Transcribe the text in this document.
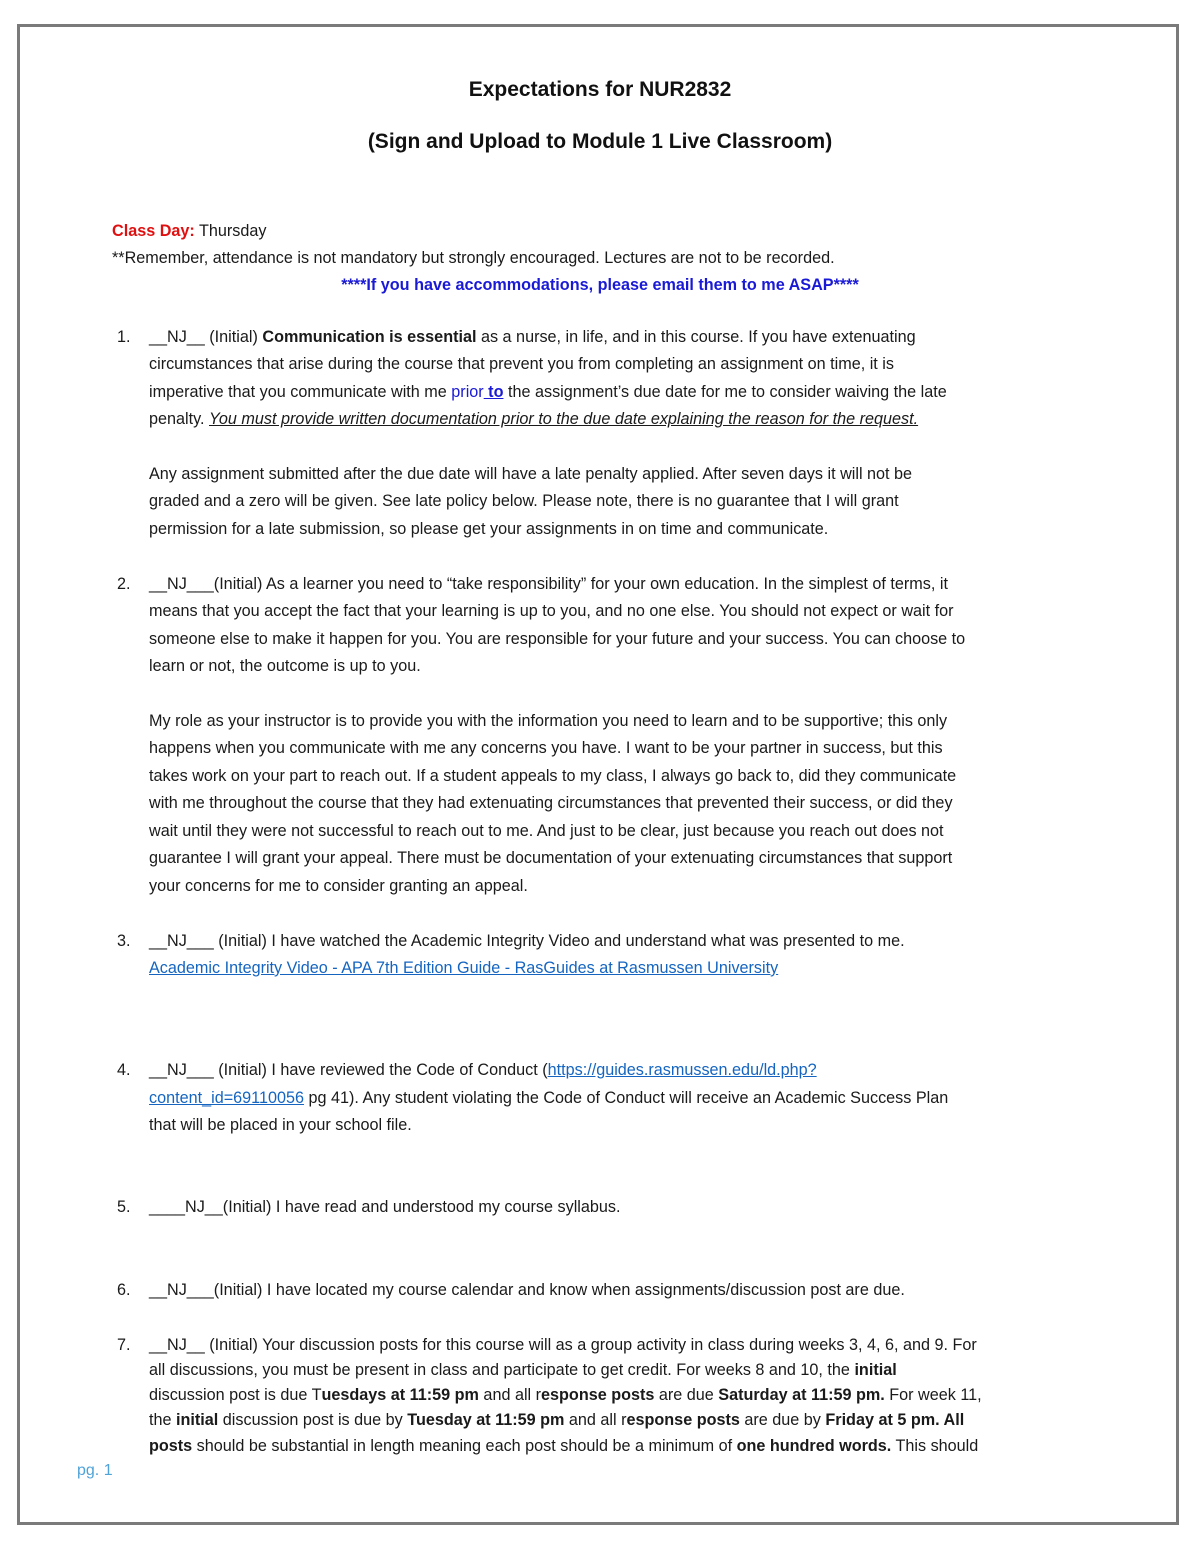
Expectations for NUR2832
(Sign and Upload to Module 1 Live Classroom)
Class Day: Thursday
**Remember, attendance is not mandatory but strongly encouraged. Lectures are not to be recorded.
****If you have accommodations, please email them to me ASAP****
1. __NJ__ (Initial) Communication is essential as a nurse, in life, and in this course. If you have extenuating
circumstances that arise during the course that prevent you from completing an assignment on time, it is
imperative that you communicate with me prior to the assignment’s due date for me to consider waiving the late
penalty. You must provide written documentation prior to the due date explaining the reason for the request.
Any assignment submitted after the due date will have a late penalty applied. After seven days it will not be
graded and a zero will be given. See late policy below. Please note, there is no guarantee that I will grant
permission for a late submission, so please get your assignments in on time and communicate.
2. __NJ___(Initial) As a learner you need to “take responsibility” for your own education. In the simplest of terms, it
means that you accept the fact that your learning is up to you, and no one else. You should not expect or wait for
someone else to make it happen for you. You are responsible for your future and your success. You can choose to
learn or not, the outcome is up to you.
My role as your instructor is to provide you with the information you need to learn and to be supportive; this only
happens when you communicate with me any concerns you have. I want to be your partner in success, but this
takes work on your part to reach out. If a student appeals to my class, I always go back to, did they communicate
with me throughout the course that they had extenuating circumstances that prevented their success, or did they
wait until they were not successful to reach out to me. And just to be clear, just because you reach out does not
guarantee I will grant your appeal. There must be documentation of your extenuating circumstances that support
your concerns for me to consider granting an appeal.
3. __NJ___ (Initial) I have watched the Academic Integrity Video and understand what was presented to me.
Academic Integrity Video - APA 7th Edition Guide - RasGuides at Rasmussen University
4. __NJ___ (Initial) I have reviewed the Code of Conduct (https://guides.rasmussen.edu/ld.php?
content_id=69110056 pg 41). Any student violating the Code of Conduct will receive an Academic Success Plan
that will be placed in your school file.
5. ____NJ__(Initial) I have read and understood my course syllabus.
6. __NJ___(Initial) I have located my course calendar and know when assignments/discussion post are due.
7. __NJ__ (Initial) Your discussion posts for this course will as a group activity in class during weeks 3, 4, 6, and 9. For
all discussions, you must be present in class and participate to get credit. For weeks 8 and 10, the initial
discussion post is due Tuesdays at 11:59 pm and all response posts are due Saturday at 11:59 pm. For week 11,
the initial discussion post is due by Tuesday at 11:59 pm and all response posts are due by Friday at 5 pm. All
posts should be substantial in length meaning each post should be a minimum of one hundred words. This should
pg. 1
